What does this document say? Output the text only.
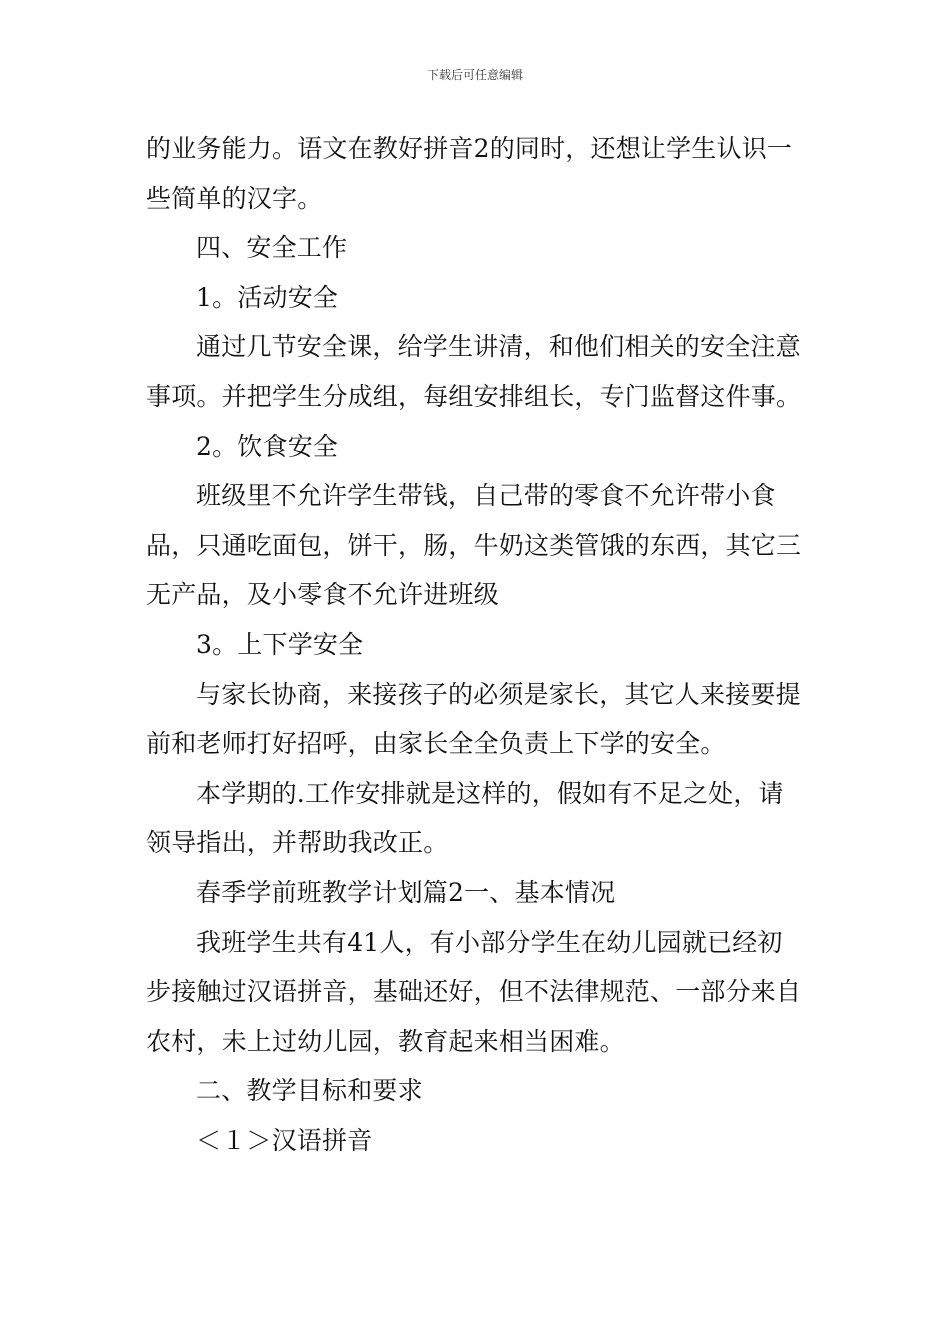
下载后可任意编辑

的业务能力。语文在教好拼音2的同时，还想让学生认识一些简单的汉字。

四、安全工作

1。活动安全

通过几节安全课，给学生讲清，和他们相关的安全注意事项。并把学生分成组，每组安排组长，专门监督这件事。

2。饮食安全

班级里不允许学生带钱，自己带的零食不允许带小食品，只通吃面包，饼干，肠，牛奶这类管饿的东西，其它三无产品，及小零食不允许进班级

3。上下学安全

与家长协商，来接孩子的必须是家长，其它人来接要提前和老师打好招呼，由家长全全负责上下学的安全。

本学期的.工作安排就是这样的，假如有不足之处，请领导指出，并帮助我改正。

春季学前班教学计划篇2一、基本情况

我班学生共有41人，有小部分学生在幼儿园就已经初步接触过汉语拼音，基础还好，但不法律规范、一部分来自农村，未上过幼儿园，教育起来相当困难。

二、教学目标和要求

＜１＞汉语拼音
